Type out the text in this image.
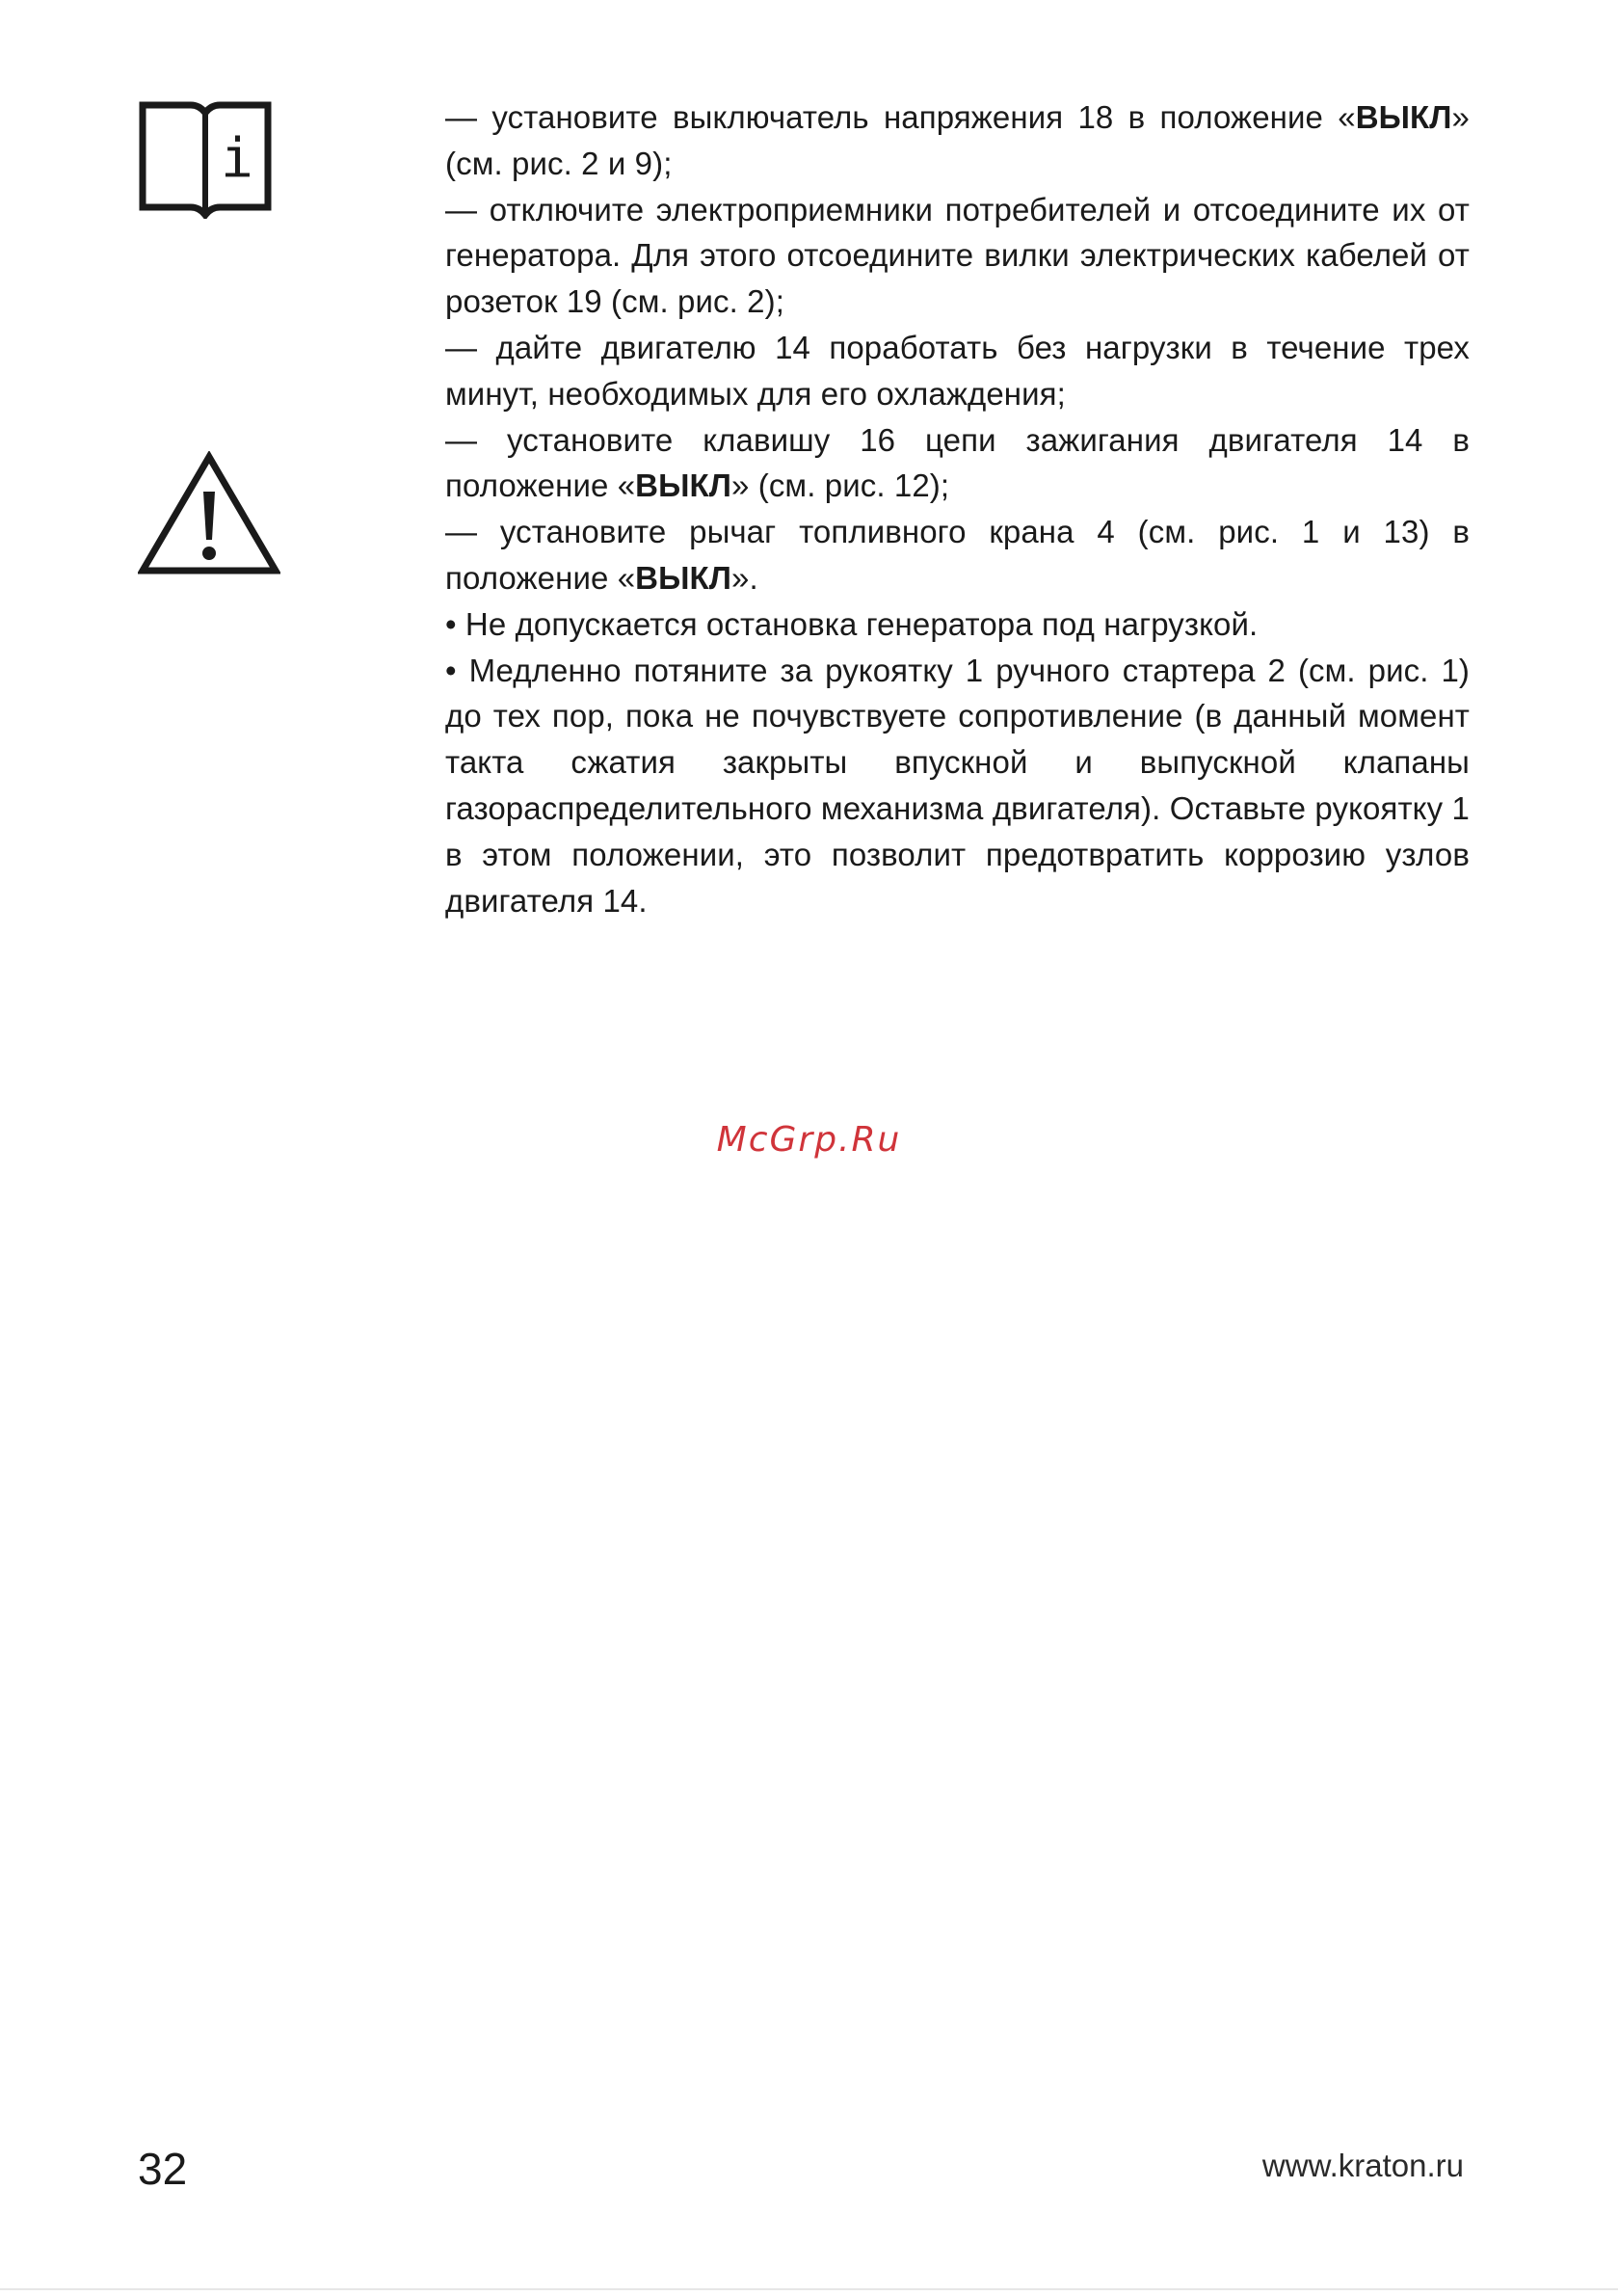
i

— установите выключатель напряжения 18 в положение «ВЫКЛ» (см. рис. 2 и 9);

— отключите электроприемники потребителей и отсоедините их от генератора. Для этого отсоедините вилки электрических кабелей от розеток 19 (см. рис. 2);

— дайте двигателю 14 поработать без нагрузки в течение трех минут, необходимых для его охлаждения;

— установите клавишу 16 цепи зажигания двигателя 14 в положение «ВЫКЛ» (см. рис. 12);

— установите рычаг топливного крана 4 (см. рис. 1 и 13) в положение «ВЫКЛ».

• Не допускается остановка генератора под нагрузкой.

• Медленно потяните за рукоятку 1 ручного стартера 2 (см. рис. 1) до тех пор, пока не почувствуете сопротивление (в данный момент такта сжатия закрыты впускной и выпускной клапаны газораспределительного механизма двигателя). Оставьте рукоятку 1 в этом положении, это позволит предотвратить коррозию узлов двигателя 14.

McGrp.Ru
32	www.kraton.ru
